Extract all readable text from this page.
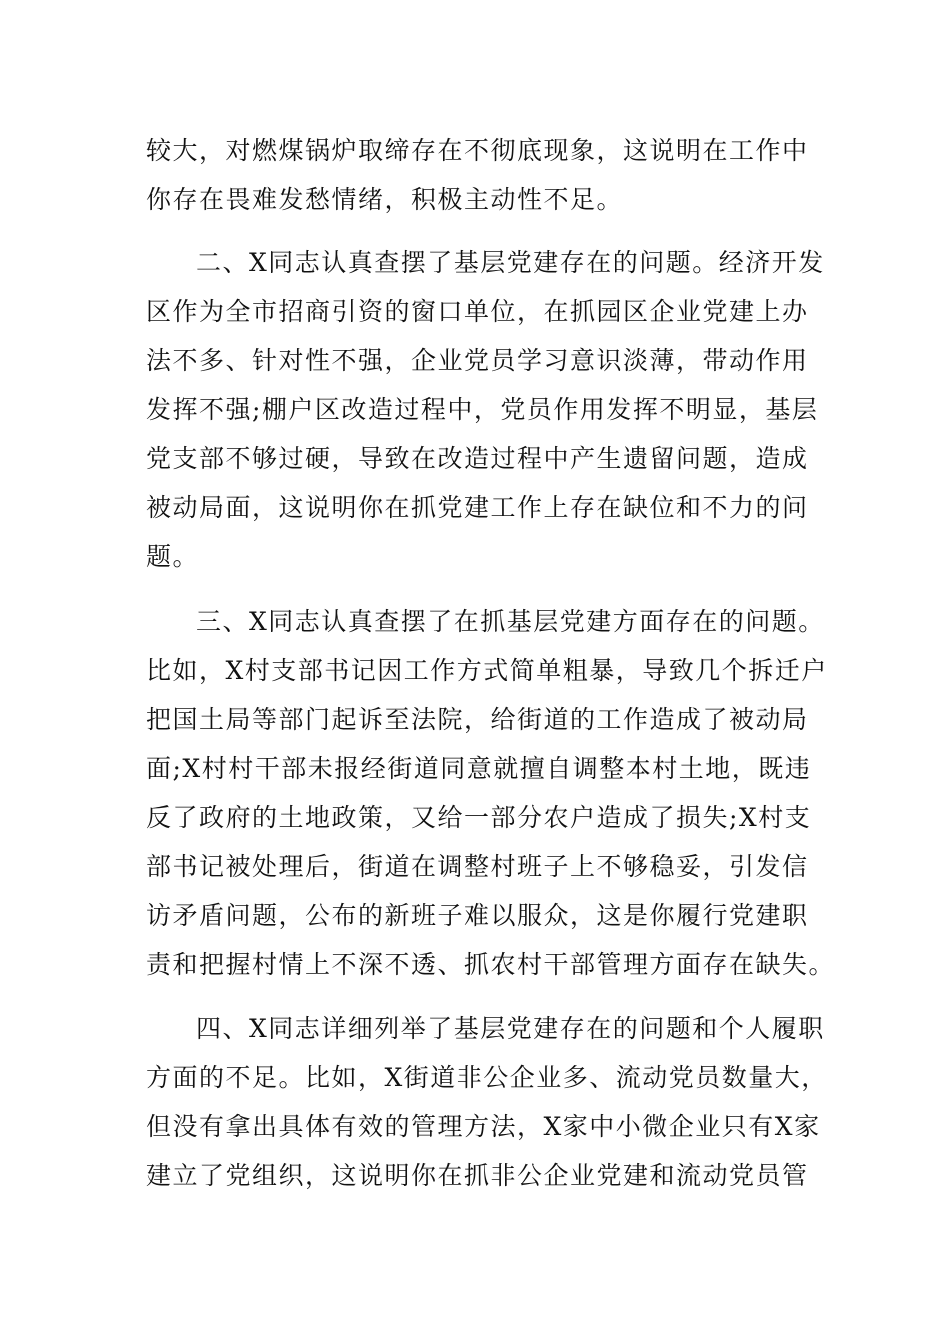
较大，对燃煤锅炉取缔存在不彻底现象，这说明在工作中
你存在畏难发愁情绪，积极主动性不足。
二、X同志认真查摆了基层党建存在的问题。经济开发
区作为全市招商引资的窗口单位，在抓园区企业党建上办
法不多、针对性不强，企业党员学习意识淡薄，带动作用
发挥不强;棚户区改造过程中，党员作用发挥不明显，基层
党支部不够过硬，导致在改造过程中产生遗留问题，造成
被动局面，这说明你在抓党建工作上存在缺位和不力的问
题。
三、X同志认真查摆了在抓基层党建方面存在的问题。
比如，X村支部书记因工作方式简单粗暴，导致几个拆迁户
把国土局等部门起诉至法院，给街道的工作造成了被动局
面;X村村干部未报经街道同意就擅自调整本村土地，既违
反了政府的土地政策，又给一部分农户造成了损失;X村支
部书记被处理后，街道在调整村班子上不够稳妥，引发信
访矛盾问题，公布的新班子难以服众，这是你履行党建职
责和把握村情上不深不透、抓农村干部管理方面存在缺失。
四、X同志详细列举了基层党建存在的问题和个人履职
方面的不足。比如，X街道非公企业多、流动党员数量大，
但没有拿出具体有效的管理方法，X家中小微企业只有X家
建立了党组织，这说明你在抓非公企业党建和流动党员管
